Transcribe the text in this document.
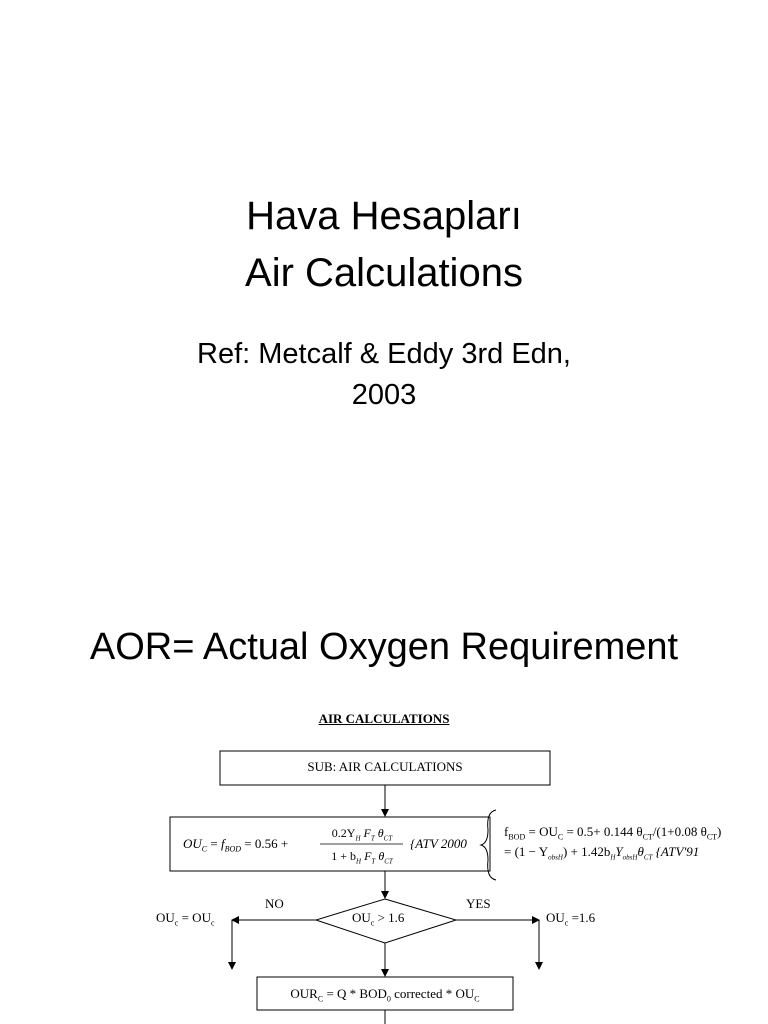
Hava Hesapları
Air Calculations
Ref: Metcalf & Eddy 3rd Edn,
2003
AOR= Actual Oxygen Requirement
AIR CALCULATIONS
SUB: AIR CALCULATIONS
$OU_C = f_{BOD} = 0.56$ +
$0.2Y_H$ $F_T$ $\theta_{CT}$
$1 + b_H$ $F_T$ $\theta_{CT}$
{ATV 2000
$f_{BOD} = OU_C = 0.5+ 0.144$ $\theta_{CT}/(1+0.08$ $\theta_{CT}$)
= $(1 - Y_{obsH}) + 1.42b_HY_{obsH}\theta_{CT}$ {ATV'91
$OU_c > 1.6$
NO	YES
$OU_c = OU_c$	$OU_c =1.6$
$OUR_C = Q * BOD_0$ corrected * $OU_C$
